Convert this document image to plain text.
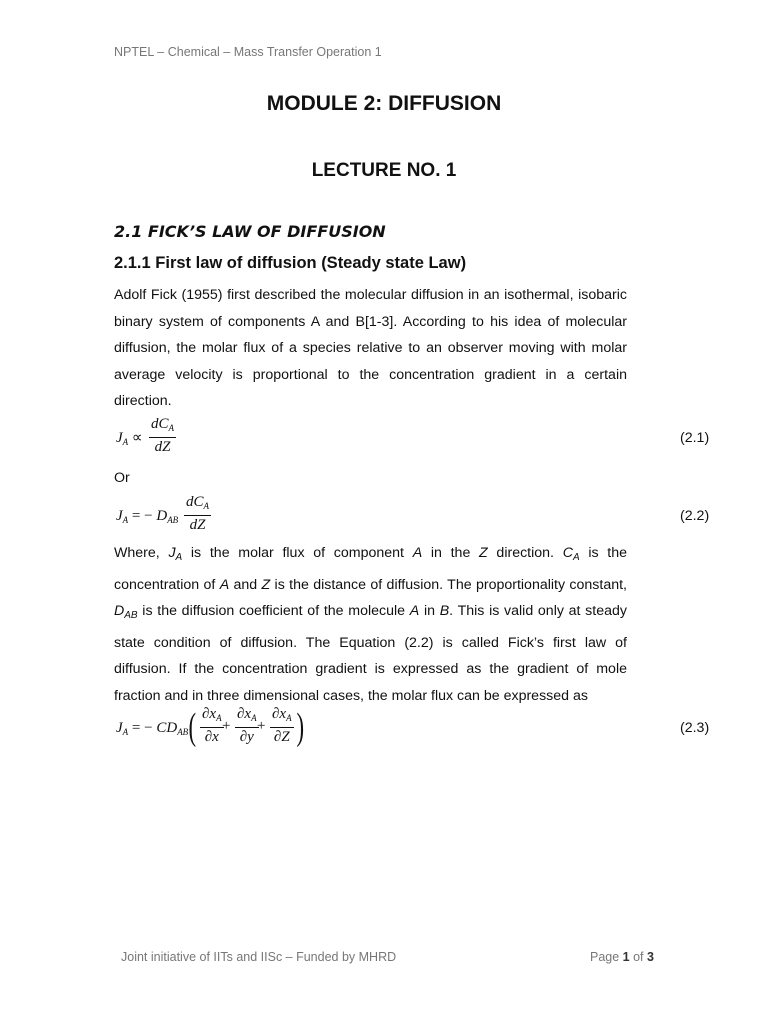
NPTEL – Chemical – Mass Transfer Operation 1
MODULE 2: DIFFUSION
LECTURE NO. 1
2.1 FICK’S LAW OF DIFFUSION
2.1.1 First law of diffusion (Steady state Law)
Adolf Fick (1955) first described the molecular diffusion in an isothermal, isobaric
binary system of components A and B[1-3]. According to his idea of molecular
diffusion, the molar flux of a species relative to an observer moving with molar
average velocity is proportional to the concentration gradient in a certain
direction.
$J_A$ ∝
$dC_A$
dZ
(2.1)
Or
$J_A$ = − $D_{AB}$
$dC_A$
dZ
(2.2)
Where, $J_A$ is the molar flux of component A in the Z direction. $C_A$ is the
concentration of A and Z is the distance of diffusion. The proportionality constant,
$D_{AB}$ is the diffusion coefficient of the molecule A in B. This is valid only at steady
state condition of diffusion. The Equation (2.2) is called Fick’s first law of
diffusion. If the concentration gradient is expressed as the gradient of mole
fraction and in three dimensional cases, the molar flux can be expressed as
$J_A$ = − $CD_{AB}$ ( $\frac{\partial x_A}{\partial x}$
+ $\frac{\partial x_A}{\partial y}$
+ $\frac{\partial x_A}{\partial Z}$ )	(2.3)
Joint initiative of IITs and IISc – Funded by MHRD	Page 1 of 3
